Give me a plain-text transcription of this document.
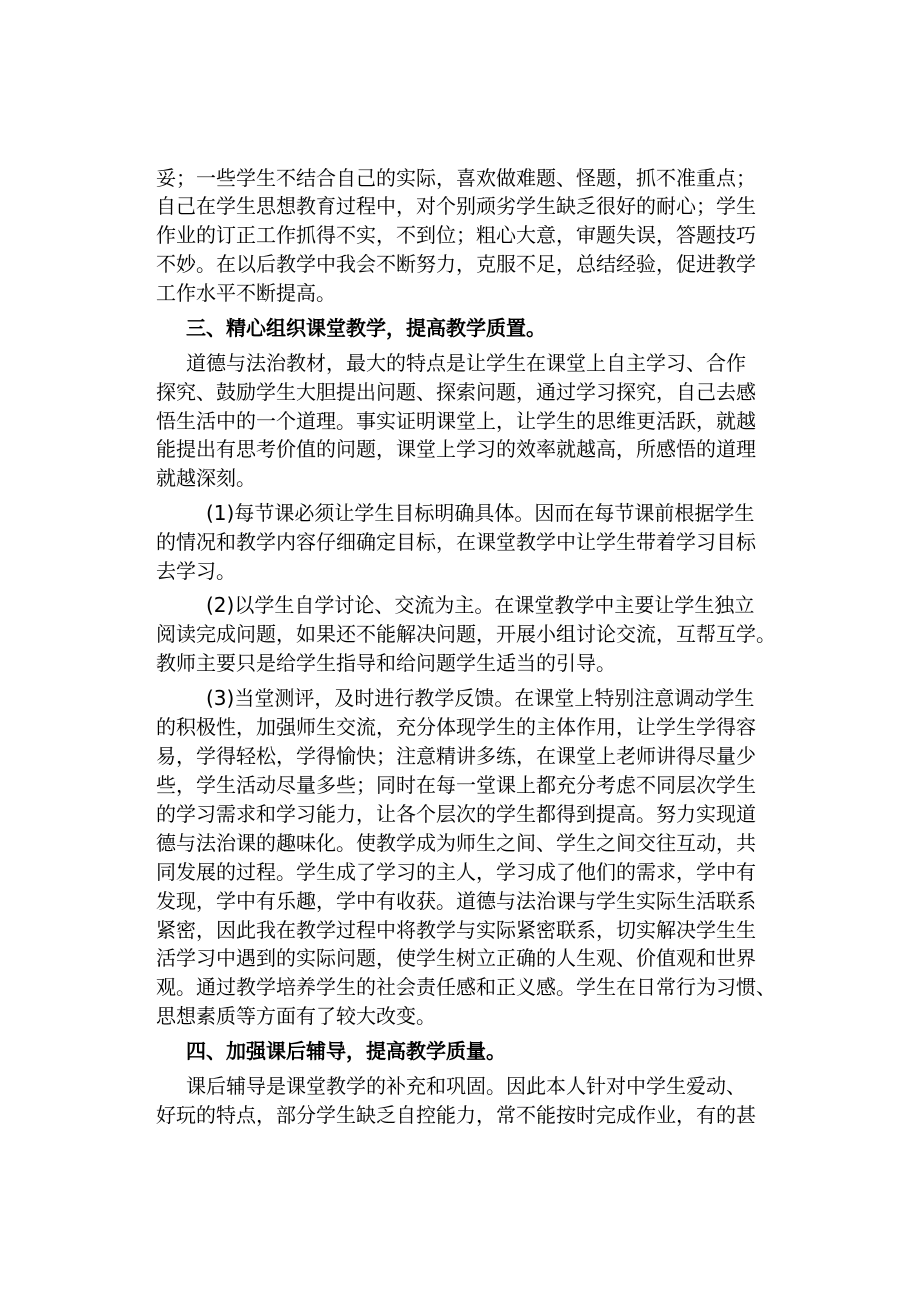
妥；一些学生不结合自己的实际，喜欢做难题、怪题，抓不准重点；
自己在学生思想教育过程中，对个别顽劣学生缺乏很好的耐心；学生
作业的订正工作抓得不实，不到位；粗心大意，审题失误，答题技巧
不妙。在以后教学中我会不断努力，克服不足，总结经验，促进教学
工作水平不断提高。
三、精心组织课堂教学，提高教学质置。
道德与法治教材，最大的特点是让学生在课堂上自主学习、合作
探究、鼓励学生大胆提出问题、探索问题，通过学习探究，自己去感
悟生活中的一个道理。事实证明课堂上，让学生的思维更活跃，就越
能提出有思考价值的问题，课堂上学习的效率就越高，所感悟的道理
就越深刻。
(1)每节课必须让学生目标明确具体。因而在每节课前根据学生
的情况和教学内容仔细确定目标，在课堂教学中让学生带着学习目标
去学习。
(2)以学生自学讨论、交流为主。在课堂教学中主要让学生独立
阅读完成问题，如果还不能解决问题，开展小组讨论交流，互帮互学。
教师主要只是给学生指导和给问题学生适当的引导。
(3)当堂测评，及时进行教学反馈。在课堂上特别注意调动学生
的积极性，加强师生交流，充分体现学生的主体作用，让学生学得容
易，学得轻松，学得愉快；注意精讲多练，在课堂上老师讲得尽量少
些，学生活动尽量多些；同时在每一堂课上都充分考虑不同层次学生
的学习需求和学习能力，让各个层次的学生都得到提高。努力实现道
德与法治课的趣味化。使教学成为师生之间、学生之间交往互动，共
同发展的过程。学生成了学习的主人，学习成了他们的需求，学中有
发现，学中有乐趣，学中有收获。道德与法治课与学生实际生活联系
紧密，因此我在教学过程中将教学与实际紧密联系，切实解决学生生
活学习中遇到的实际问题，使学生树立正确的人生观、价值观和世界
观。通过教学培养学生的社会责任感和正义感。学生在日常行为习惯、
思想素质等方面有了较大改变。
四、加强课后辅导，提高教学质量。
课后辅导是课堂教学的补充和巩固。因此本人针对中学生爱动、
好玩的特点，部分学生缺乏自控能力，常不能按时完成作业，有的甚
